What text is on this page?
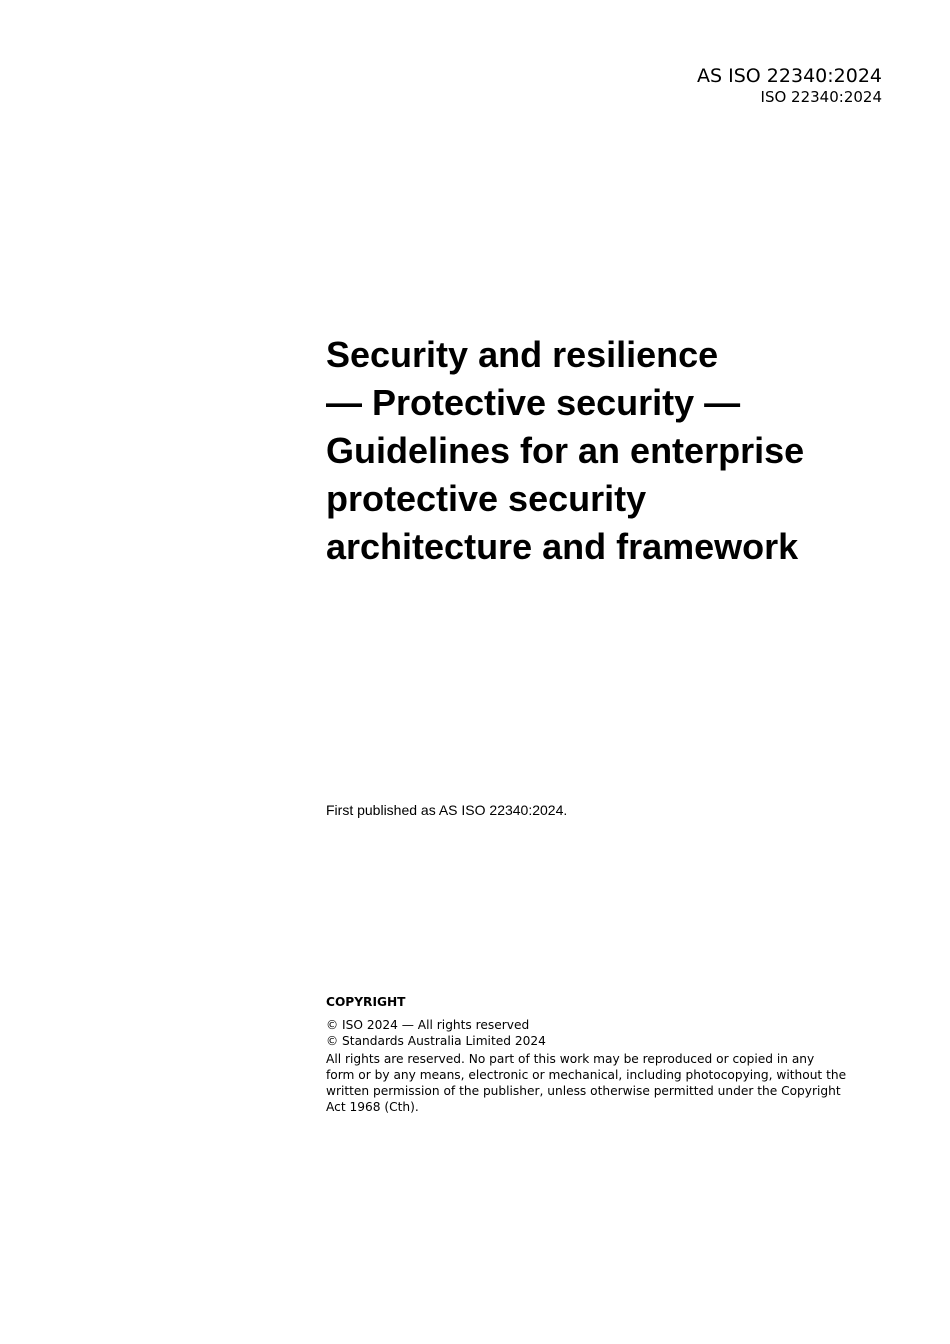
AS ISO 22340:2024
ISO 22340:2024
Security and resilience
— Protective security —
Guidelines for an enterprise
protective security
architecture and framework
First published as AS ISO 22340:2024.
COPYRIGHT
© ISO 2024 — All rights reserved
© Standards Australia Limited 2024
All rights are reserved. No part of this work may be reproduced or copied in any
form or by any means, electronic or mechanical, including photocopying, without the
written permission of the publisher, unless otherwise permitted under the Copyright
Act 1968 (Cth).
